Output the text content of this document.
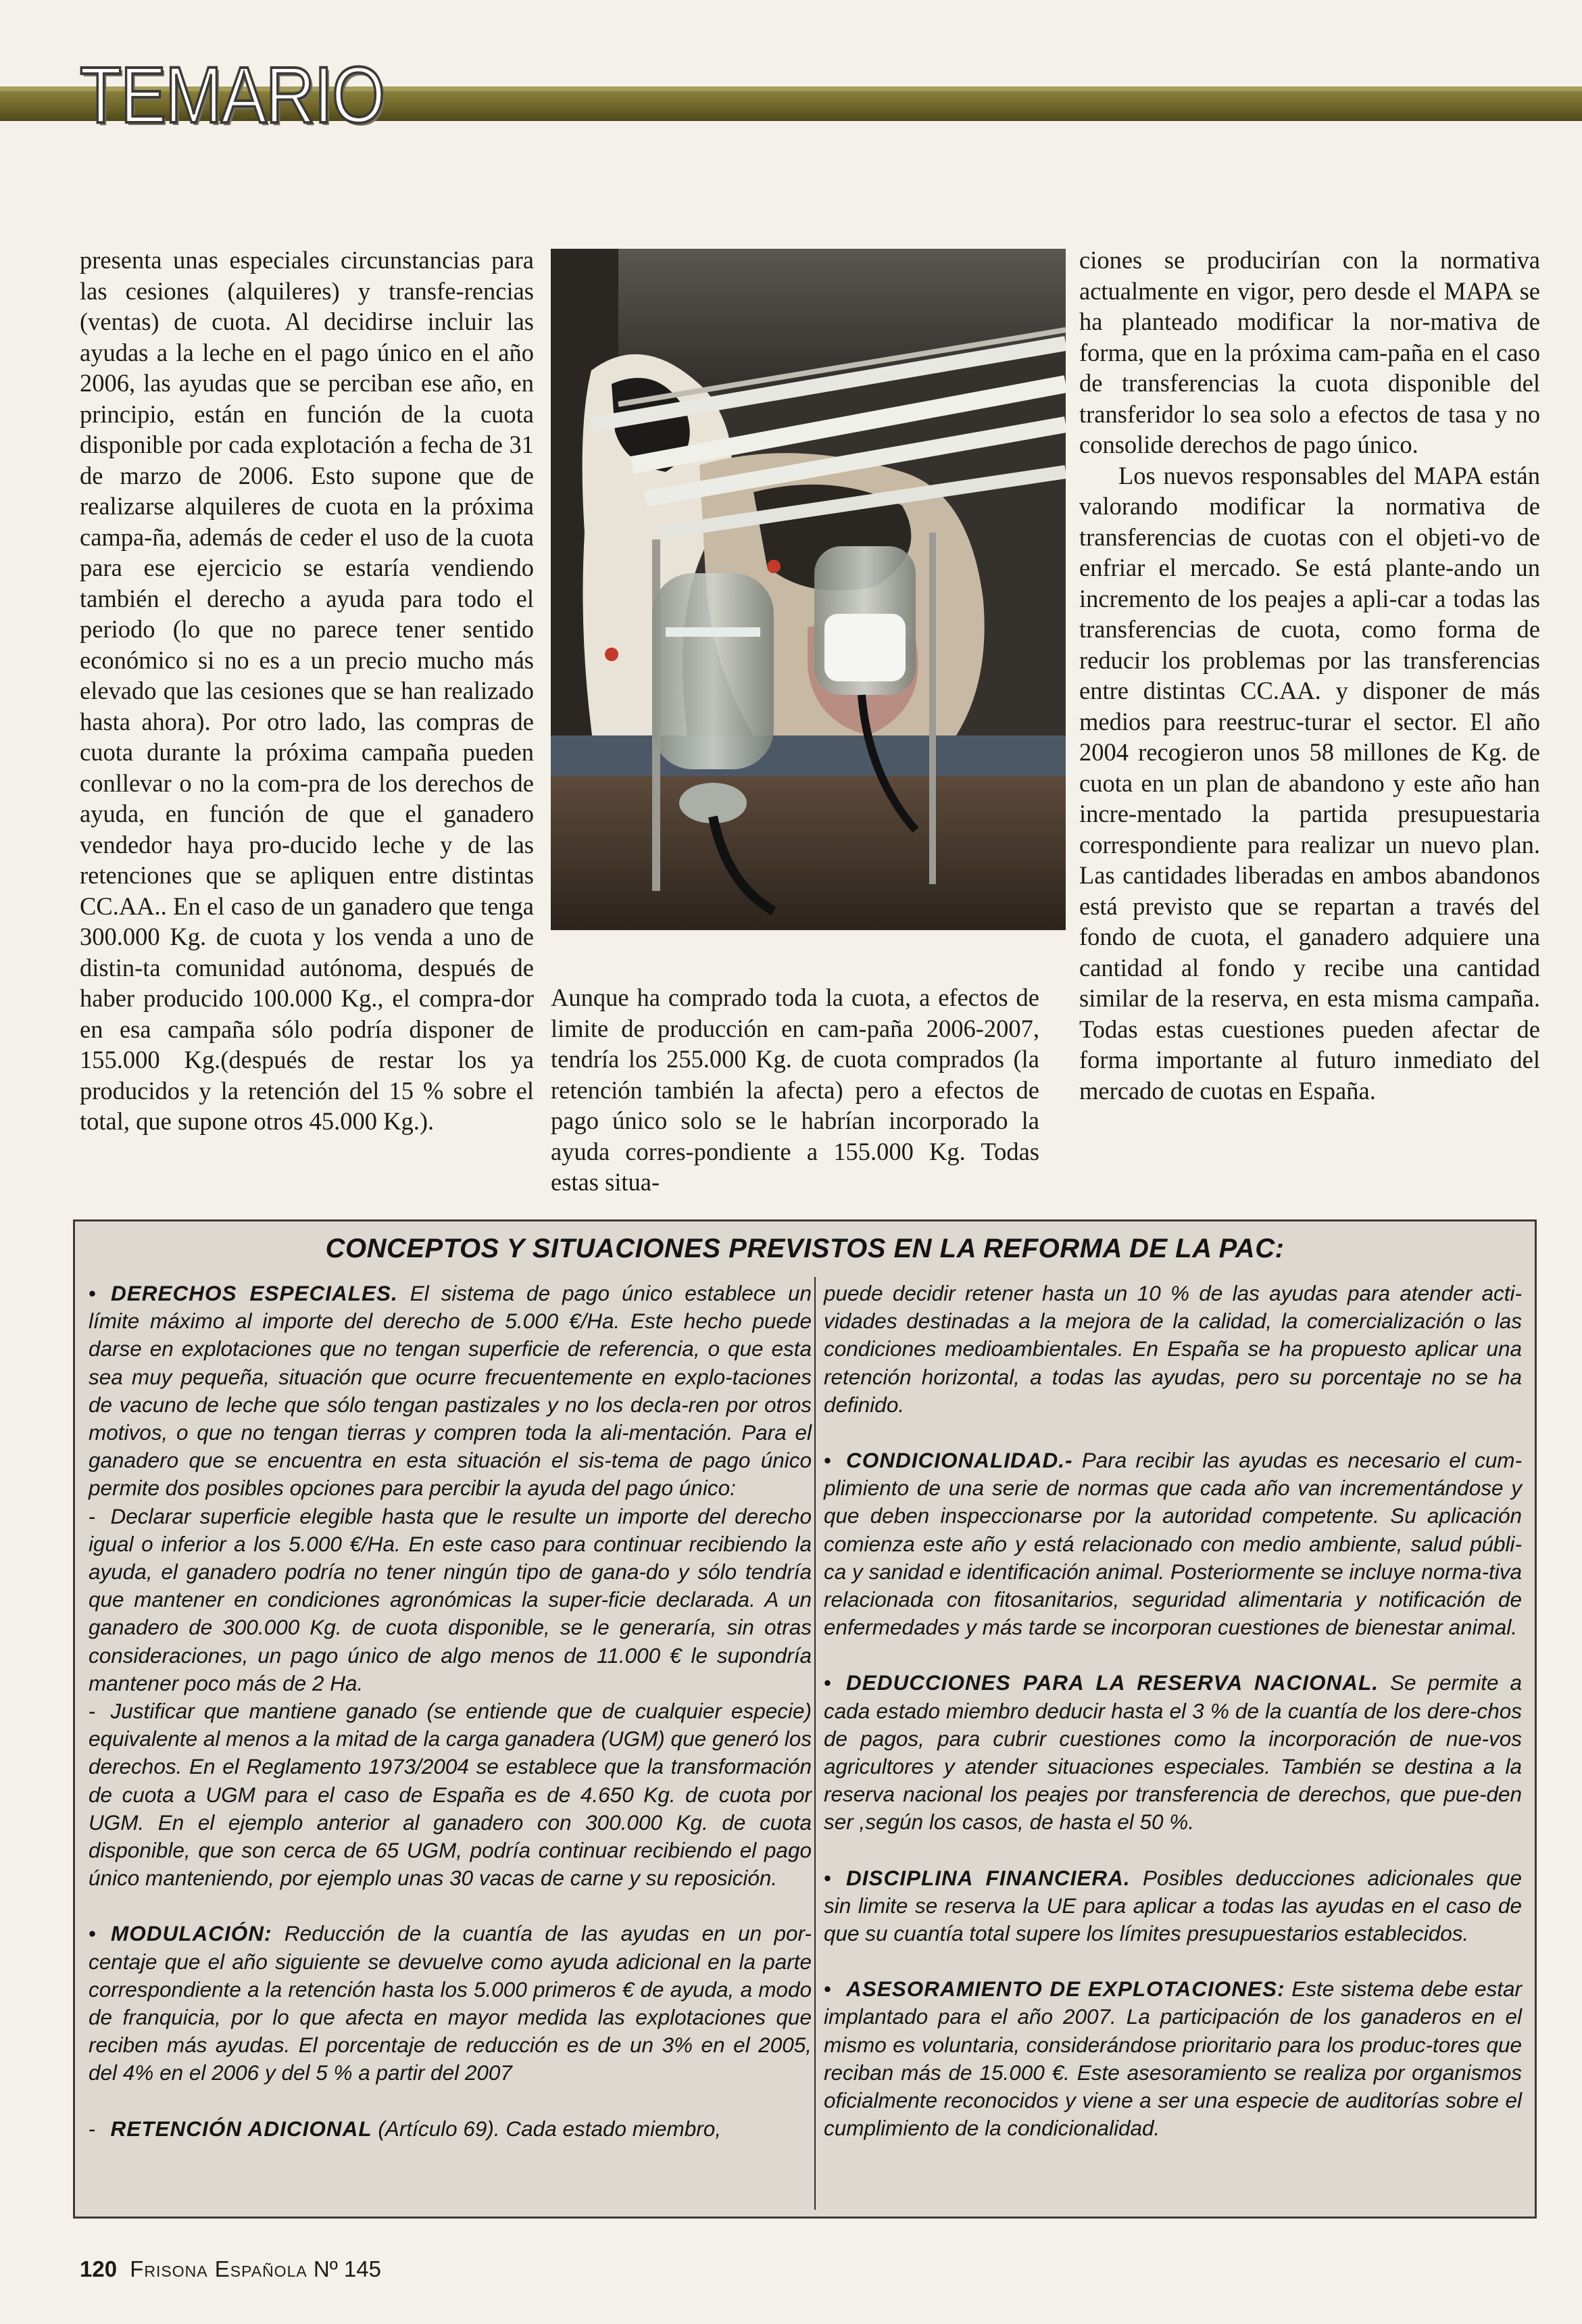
TEMARIO

presenta unas especiales circunstancias para las cesiones (alquileres) y transfe-rencias (ventas) de cuota. Al decidirse incluir las ayudas a la leche en el pago único en el año 2006, las ayudas que se perciban ese año, en principio, están en función de la cuota disponible por cada explotación a fecha de 31 de marzo de 2006. Esto supone que de realizarse alquileres de cuota en la próxima campa-ña, además de ceder el uso de la cuota para ese ejercicio se estaría vendiendo también el derecho a ayuda para todo el periodo (lo que no parece tener sentido económico si no es a un precio mucho más elevado que las cesiones que se han realizado hasta ahora). Por otro lado, las compras de cuota durante la próxima campaña pueden conllevar o no la com-pra de los derechos de ayuda, en función de que el ganadero vendedor haya pro-ducido leche y de las retenciones que se apliquen entre distintas CC.AA.. En el caso de un ganadero que tenga 300.000 Kg. de cuota y los venda a uno de distin-ta comunidad autónoma, después de haber producido 100.000 Kg., el compra-dor en esa campaña sólo podría disponer de 155.000 Kg.(después de restar los ya producidos y la retención del 15 % sobre el total, que supone otros 45.000 Kg.).

Aunque ha comprado toda la cuota, a efectos de limite de producción en cam-paña 2006-2007, tendría los 255.000 Kg. de cuota comprados (la retención también la afecta) pero a efectos de pago único solo se le habrían incorporado la ayuda corres-pondiente a 155.000 Kg. Todas estas situa-

ciones se producirían con la normativa actualmente en vigor, pero desde el MAPA se ha planteado modificar la nor-mativa de forma, que en la próxima cam-paña en el caso de transferencias la cuota disponible del transferidor lo sea solo a efectos de tasa y no consolide derechos de pago único.

Los nuevos responsables del MAPA están valorando modificar la normativa de transferencias de cuotas con el objeti-vo de enfriar el mercado. Se está plante-ando un incremento de los peajes a apli-car a todas las transferencias de cuota, como forma de reducir los problemas por las transferencias entre distintas CC.AA. y disponer de más medios para reestruc-turar el sector. El año 2004 recogieron unos 58 millones de Kg. de cuota en un plan de abandono y este año han incre-mentado la partida presupuestaria correspondiente para realizar un nuevo plan. Las cantidades liberadas en ambos abandonos está previsto que se repartan a través del fondo de cuota, el ganadero adquiere una cantidad al fondo y recibe una cantidad similar de la reserva, en esta misma campaña. Todas estas cuestiones pueden afectar de forma importante al futuro inmediato del mercado de cuotas en España.

CONCEPTOS Y SITUACIONES PREVISTOS EN LA REFORMA DE LA PAC:

• DERECHOS ESPECIALES. El sistema de pago único establece un límite máximo al importe del derecho de 5.000 €/Ha. Este hecho puede darse en explotaciones que no tengan superficie de referencia, o que esta sea muy pequeña, situación que ocurre frecuentemente en explo-taciones de vacuno de leche que sólo tengan pastizales y no los decla-ren por otros motivos, o que no tengan tierras y compren toda la ali-mentación. Para el ganadero que se encuentra en esta situación el sis-tema de pago único permite dos posibles opciones para percibir la ayuda del pago único:

- Declarar superficie elegible hasta que le resulte un importe del derecho igual o inferior a los 5.000 €/Ha. En este caso para continuar recibiendo la ayuda, el ganadero podría no tener ningún tipo de gana-do y sólo tendría que mantener en condiciones agronómicas la super-ficie declarada. A un ganadero de 300.000 Kg. de cuota disponible, se le generaría, sin otras consideraciones, un pago único de algo menos de 11.000 € le supondría mantener poco más de 2 Ha.

- Justificar que mantiene ganado (se entiende que de cualquier especie) equivalente al menos a la mitad de la carga ganadera (UGM) que generó los derechos. En el Reglamento 1973/2004 se establece que la transformación de cuota a UGM para el caso de España es de 4.650 Kg. de cuota por UGM. En el ejemplo anterior al ganadero con 300.000 Kg. de cuota disponible, que son cerca de 65 UGM, podría continuar recibiendo el pago único manteniendo, por ejemplo unas 30 vacas de carne y su reposición.

• MODULACIÓN: Reducción de la cuantía de las ayudas en un por-centaje que el año siguiente se devuelve como ayuda adicional en la parte correspondiente a la retención hasta los 5.000 primeros € de ayuda, a modo de franquicia, por lo que afecta en mayor medida las explotaciones que reciben más ayudas. El porcentaje de reducción es de un 3% en el 2005, del 4% en el 2006 y del 5 % a partir del 2007

- RETENCIÓN ADICIONAL (Artículo 69). Cada estado miembro,

puede decidir retener hasta un 10 % de las ayudas para atender acti-vidades destinadas a la mejora de la calidad, la comercialización o las condiciones medioambientales. En España se ha propuesto aplicar una retención horizontal, a todas las ayudas, pero su porcentaje no se ha definido.

• CONDICIONALIDAD.- Para recibir las ayudas es necesario el cum-plimiento de una serie de normas que cada año van incrementándose y que deben inspeccionarse por la autoridad competente. Su aplicación comienza este año y está relacionado con medio ambiente, salud públi-ca y sanidad e identificación animal. Posteriormente se incluye norma-tiva relacionada con fitosanitarios, seguridad alimentaria y notificación de enfermedades y más tarde se incorporan cuestiones de bienestar animal.

• DEDUCCIONES PARA LA RESERVA NACIONAL. Se permite a cada estado miembro deducir hasta el 3 % de la cuantía de los dere-chos de pagos, para cubrir cuestiones como la incorporación de nue-vos agricultores y atender situaciones especiales. También se destina a la reserva nacional los peajes por transferencia de derechos, que pue-den ser ,según los casos, de hasta el 50 %.

• DISCIPLINA FINANCIERA. Posibles deducciones adicionales que sin limite se reserva la UE para aplicar a todas las ayudas en el caso de que su cuantía total supere los límites presupuestarios establecidos.

• ASESORAMIENTO DE EXPLOTACIONES: Este sistema debe estar implantado para el año 2007. La participación de los ganaderos en el mismo es voluntaria, considerándose prioritario para los produc-tores que reciban más de 15.000 €. Este asesoramiento se realiza por organismos oficialmente reconocidos y viene a ser una especie de auditorías sobre el cumplimiento de la condicionalidad.

120 Frisona Española Nº 145
